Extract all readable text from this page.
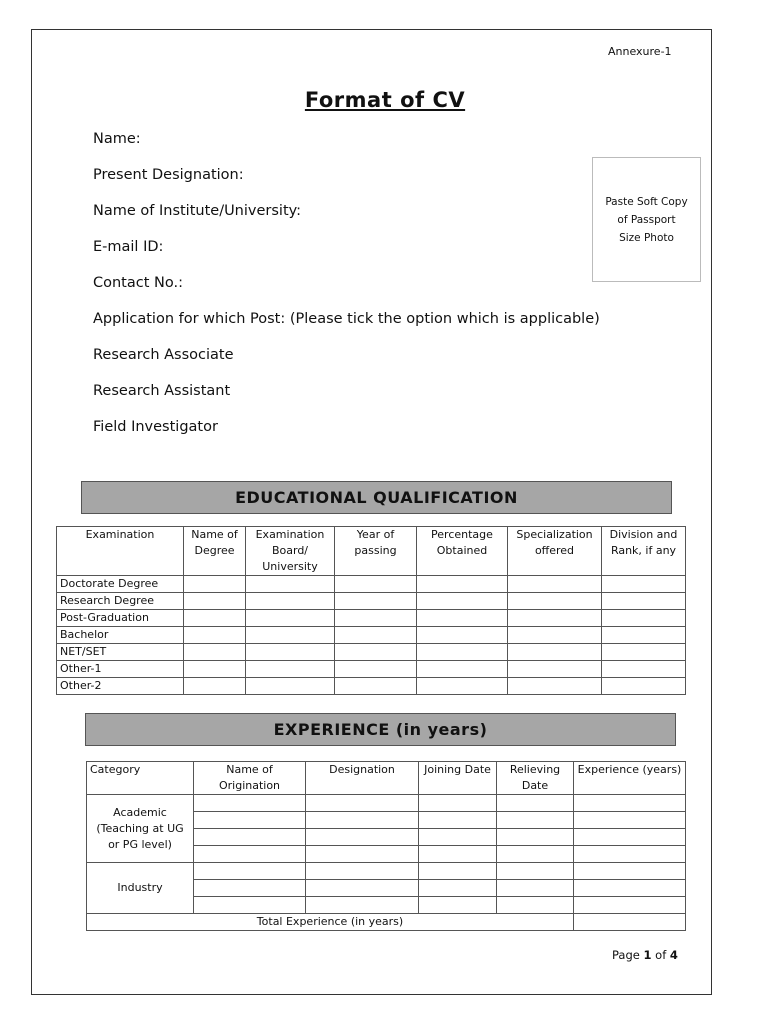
Annexure-1
Format of CV
Name:
Present Designation:
Name of Institute/University:
E-mail ID:
Contact No.:
Application for which Post: (Please tick the option which is applicable)
Research Associate
Research Assistant
Field Investigator
Paste Soft Copy
of Passport
Size Photo
EDUCATIONAL QUALIFICATION
Examination	Name of Degree	Examination Board/ University	Year of passing	Percentage Obtained	Specialization offered	Division and Rank, if any
Doctorate Degree						
Research Degree						
Post-Graduation						
Bachelor						
NET/SET						
Other-1						
Other-2						
EXPERIENCE (in years)
Category	Name of Origination	Designation	Joining Date	Relieving Date	Experience (years)
Academic (Teaching at UG or PG level)					

Industry					

Total Experience (in years)					
Page 1 of 4
